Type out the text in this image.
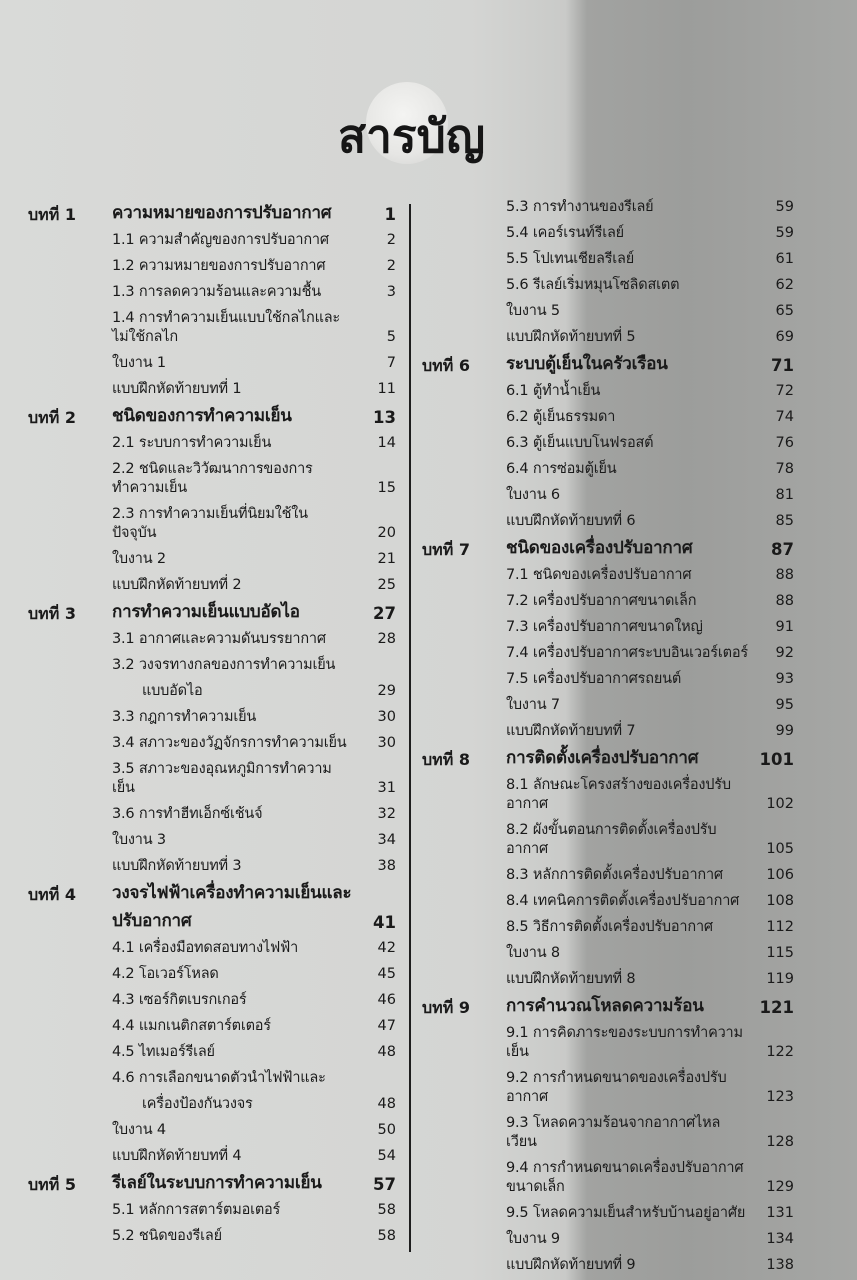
สารบัญ
บทที่ 1	ความหมายของการปรับอากาศ	1
1.1 ความสำคัญของการปรับอากาศ	2
1.2 ความหมายของการปรับอากาศ	2
1.3 การลดความร้อนและความชื้น	3
1.4 การทำความเย็นแบบใช้กลไกและไม่ใช้กลไก	5
ใบงาน 1	7
แบบฝึกหัดท้ายบทที่ 1	11
บทที่ 2	ชนิดของการทำความเย็น	13
2.1 ระบบการทำความเย็น	14
2.2 ชนิดและวิวัฒนาการของการทำความเย็น	15
2.3 การทำความเย็นที่นิยมใช้ในปัจจุบัน	20
ใบงาน 2	21
แบบฝึกหัดท้ายบทที่ 2	25
บทที่ 3	การทำความเย็นแบบอัดไอ	27
3.1 อากาศและความดันบรรยากาศ	28
3.2 วงจรทางกลของการทำความเย็น
แบบอัดไอ	29
3.3 กฎการทำความเย็น	30
3.4 สภาวะของวัฏจักรการทำความเย็น	30
3.5 สภาวะของอุณหภูมิการทำความเย็น	31
3.6 การทำฮีทเอ็กซ์เช้นจ์	32
ใบงาน 3	34
แบบฝึกหัดท้ายบทที่ 3	38
บทที่ 4	วงจรไฟฟ้าเครื่องทำความเย็นและ
ปรับอากาศ	41
4.1 เครื่องมือทดสอบทางไฟฟ้า	42
4.2 โอเวอร์โหลด	45
4.3 เซอร์กิตเบรกเกอร์	46
4.4 แมกเนติกสตาร์ตเตอร์	47
4.5 ไทเมอร์รีเลย์	48
4.6 การเลือกขนาดตัวนำไฟฟ้าและ
เครื่องป้องกันวงจร	48
ใบงาน 4	50
แบบฝึกหัดท้ายบทที่ 4	54
บทที่ 5	รีเลย์ในระบบการทำความเย็น	57
5.1 หลักการสตาร์ตมอเตอร์	58
5.2 ชนิดของรีเลย์	58
5.3 การทำงานของรีเลย์	59
5.4 เคอร์เรนท์รีเลย์	59
5.5 โปเทนเชียลรีเลย์	61
5.6 รีเลย์เริ่มหมุนโซลิดสเตต	62
ใบงาน 5	65
แบบฝึกหัดท้ายบทที่ 5	69
บทที่ 6	ระบบตู้เย็นในครัวเรือน	71
6.1 ตู้ทำน้ำเย็น	72
6.2 ตู้เย็นธรรมดา	74
6.3 ตู้เย็นแบบโนฟรอสต์	76
6.4 การซ่อมตู้เย็น	78
ใบงาน 6	81
แบบฝึกหัดท้ายบทที่ 6	85
บทที่ 7	ชนิดของเครื่องปรับอากาศ	87
7.1 ชนิดของเครื่องปรับอากาศ	88
7.2 เครื่องปรับอากาศขนาดเล็ก	88
7.3 เครื่องปรับอากาศขนาดใหญ่	91
7.4 เครื่องปรับอากาศระบบอินเวอร์เตอร์	92
7.5 เครื่องปรับอากาศรถยนต์	93
ใบงาน 7	95
แบบฝึกหัดท้ายบทที่ 7	99
บทที่ 8	การติดตั้งเครื่องปรับอากาศ	101
8.1 ลักษณะโครงสร้างของเครื่องปรับอากาศ	102
8.2 ผังขั้นตอนการติดตั้งเครื่องปรับอากาศ	105
8.3 หลักการติดตั้งเครื่องปรับอากาศ	106
8.4 เทคนิคการติดตั้งเครื่องปรับอากาศ	108
8.5 วิธีการติดตั้งเครื่องปรับอากาศ	112
ใบงาน 8	115
แบบฝึกหัดท้ายบทที่ 8	119
บทที่ 9	การคำนวณโหลดความร้อน	121
9.1 การคิดภาระของระบบการทำความเย็น	122
9.2 การกำหนดขนาดของเครื่องปรับอากาศ	123
9.3 โหลดความร้อนจากอากาศไหลเวียน	128
9.4 การกำหนดขนาดเครื่องปรับอากาศขนาดเล็ก	129
9.5 โหลดความเย็นสำหรับบ้านอยู่อาศัย	131
ใบงาน 9	134
แบบฝึกหัดท้ายบทที่ 9	138
